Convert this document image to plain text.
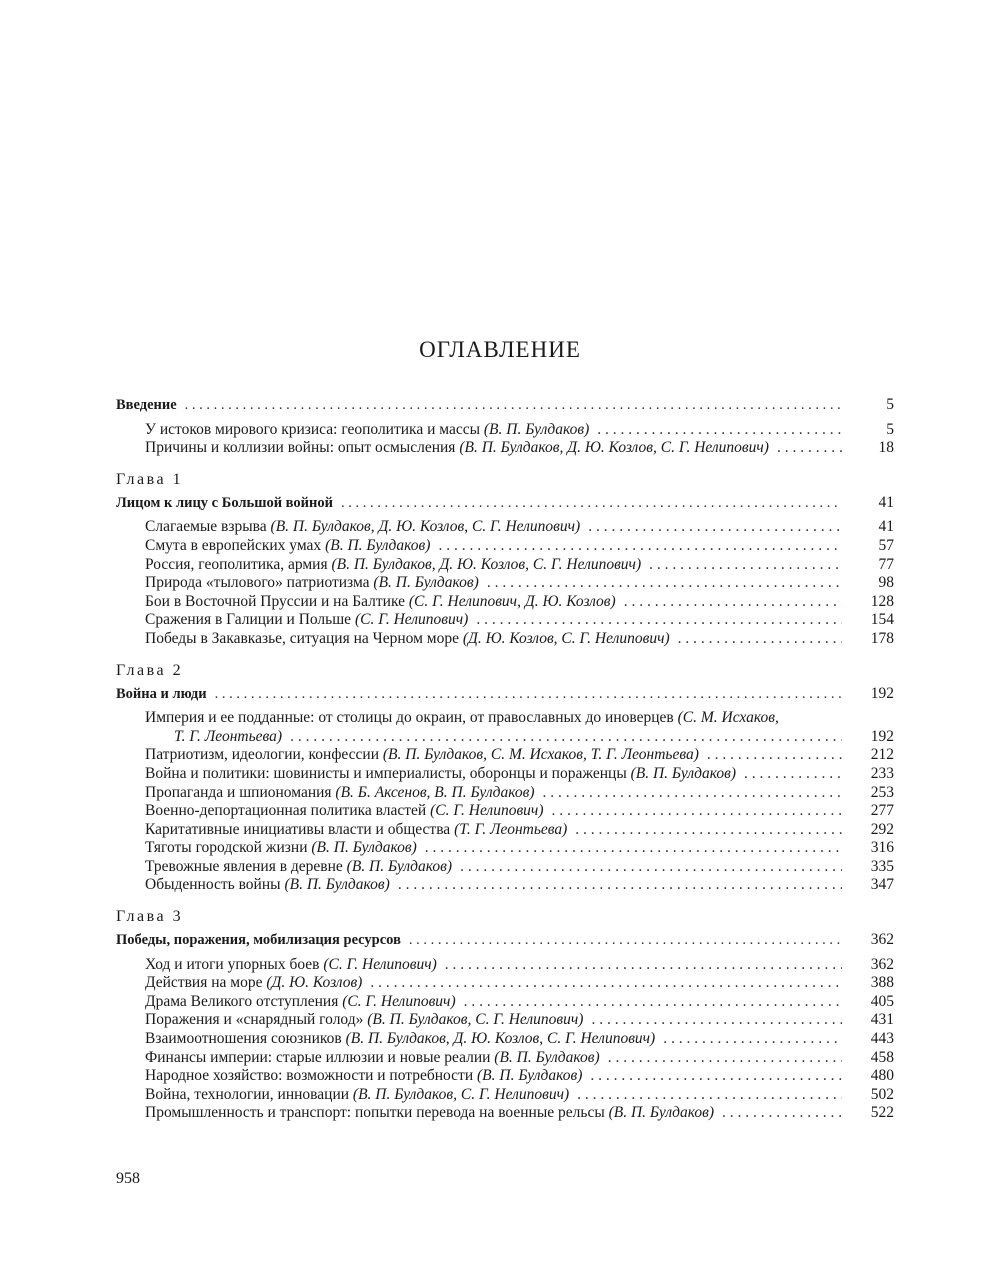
ОГЛАВЛЕНИЕ
Введение . . .	5
У истоков мирового кризиса: геополитика и массы (В. П. Булдаков) . . .	5
Причины и коллизии войны: опыт осмысления (В. П. Булдаков, Д. Ю. Козлов, С. Г. Нелипович) . . .	18
Глава 1
Лицом к лицу с Большой войной . . .	41
Слагаемые взрыва (В. П. Булдаков, Д. Ю. Козлов, С. Г. Нелипович) . . .	41
Смута в европейских умах (В. П. Булдаков) . . .	57
Россия, геополитика, армия (В. П. Булдаков, Д. Ю. Козлов, С. Г. Нелипович) . . .	77
Природа «тылового» патриотизма (В. П. Булдаков) . . .	98
Бои в Восточной Пруссии и на Балтике (С. Г. Нелипович, Д. Ю. Козлов) . . .	128
Сражения в Галиции и Польше (С. Г. Нелипович) . . .	154
Победы в Закавказье, ситуация на Черном море (Д. Ю. Козлов, С. Г. Нелипович) . . .	178
Глава 2
Война и люди . . .	192
Империя и ее подданные: от столицы до окраин, от православных до иноверцев (С. М. Исхаков,
Т. Г. Леонтьева) . . .	192
Патриотизм, идеологии, конфессии (В. П. Булдаков, С. М. Исхаков, Т. Г. Леонтьева) . . .	212
Война и политики: шовинисты и империалисты, оборонцы и пораженцы (В. П. Булдаков) . . .	233
Пропаганда и шпиономания (В. Б. Аксенов, В. П. Булдаков) . . .	253
Военно-депортационная политика властей (С. Г. Нелипович) . . .	277
Каритативные инициативы власти и общества (Т. Г. Леонтьева) . . .	292
Тяготы городской жизни (В. П. Булдаков) . . .	316
Тревожные явления в деревне (В. П. Булдаков) . . .	335
Обыденность войны (В. П. Булдаков) . . .	347
Глава 3
Победы, поражения, мобилизация ресурсов . . .	362
Ход и итоги упорных боев (С. Г. Нелипович) . . .	362
Действия на море (Д. Ю. Козлов) . . .	388
Драма Великого отступления (С. Г. Нелипович) . . .	405
Поражения и «снарядный голод» (В. П. Булдаков, С. Г. Нелипович) . . .	431
Взаимоотношения союзников (В. П. Булдаков, Д. Ю. Козлов, С. Г. Нелипович) . . .	443
Финансы империи: старые иллюзии и новые реалии (В. П. Булдаков) . . .	458
Народное хозяйство: возможности и потребности (В. П. Булдаков) . . .	480
Война, технологии, инновации (В. П. Булдаков, С. Г. Нелипович) . . .	502
Промышленность и транспорт: попытки перевода на военные рельсы (В. П. Булдаков) . . .	522
958
